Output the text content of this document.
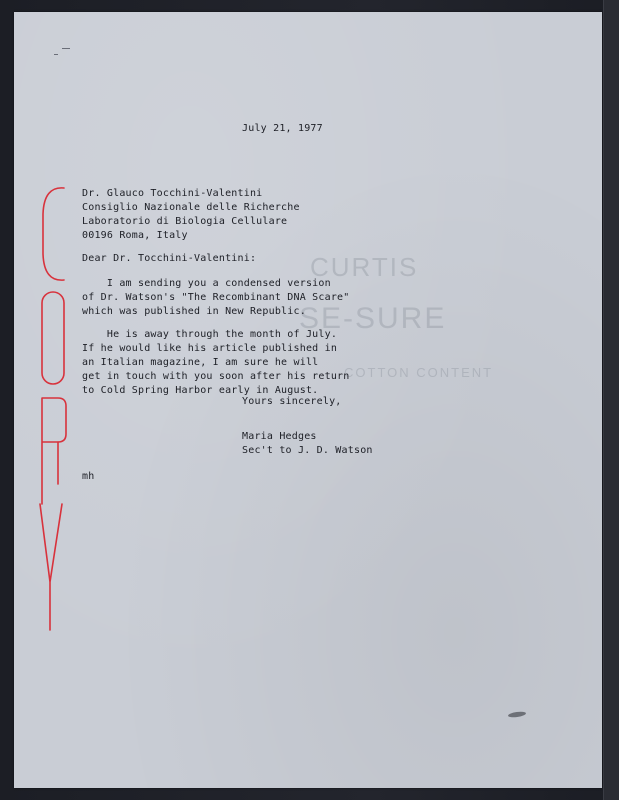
CURTIS
SE-SURE
COTTON CONTENT
July 21, 1977
Dr. Glauco Tocchini-Valentini
Consiglio Nazionale delle Richerche
Laboratorio di Biologia Cellulare
00196 Roma, Italy
Dear Dr. Tocchini-Valentini:
I am sending you a condensed version
of Dr. Watson's "The Recombinant DNA Scare"
which was published in New Republic.
He is away through the month of July.
If he would like his article published in
an Italian magazine, I am sure he will
get in touch with you soon after his return
to Cold Spring Harbor early in August.
Yours sincerely,
Maria Hedges
Sec't to J. D. Watson
mh
